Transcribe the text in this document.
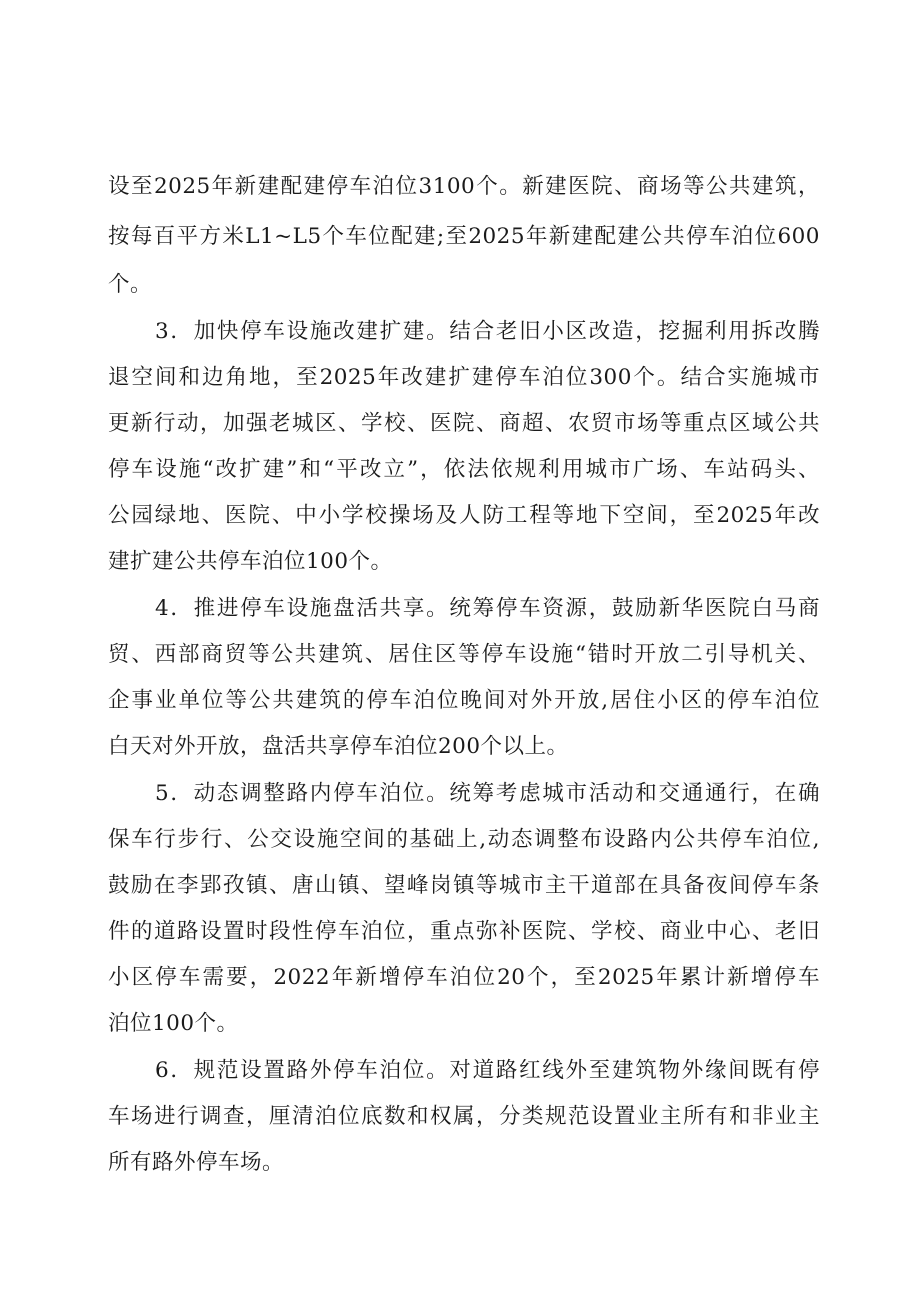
设至2025年新建配建停车泊位3100个。新建医院、商场等公共建筑，
按每百平方米L1~L5个车位配建;至2025年新建配建公共停车泊位600
个。
3．加快停车设施改建扩建。结合老旧小区改造，挖掘利用拆改腾
退空间和边角地，至2025年改建扩建停车泊位300个。结合实施城市
更新行动，加强老城区、学校、医院、商超、农贸市场等重点区域公共
停车设施“改扩建”和“平改立”，依法依规利用城市广场、车站码头、
公园绿地、医院、中小学校操场及人防工程等地下空间，至2025年改
建扩建公共停车泊位100个。
4．推进停车设施盘活共享。统筹停车资源，鼓励新华医院白马商
贸、西部商贸等公共建筑、居住区等停车设施“错时开放二引导机关、
企事业单位等公共建筑的停车泊位晚间对外开放,居住小区的停车泊位
白天对外开放，盘活共享停车泊位200个以上。
5．动态调整路内停车泊位。统筹考虑城市活动和交通通行，在确
保车行步行、公交设施空间的基础上,动态调整布设路内公共停车泊位,
鼓励在李郢孜镇、唐山镇、望峰岗镇等城市主干道部在具备夜间停车条
件的道路设置时段性停车泊位，重点弥补医院、学校、商业中心、老旧
小区停车需要，2022年新增停车泊位20个，至2025年累计新增停车
泊位100个。
6．规范设置路外停车泊位。对道路红线外至建筑物外缘间既有停
车场进行调查，厘清泊位底数和权属，分类规范设置业主所有和非业主
所有路外停车场。
